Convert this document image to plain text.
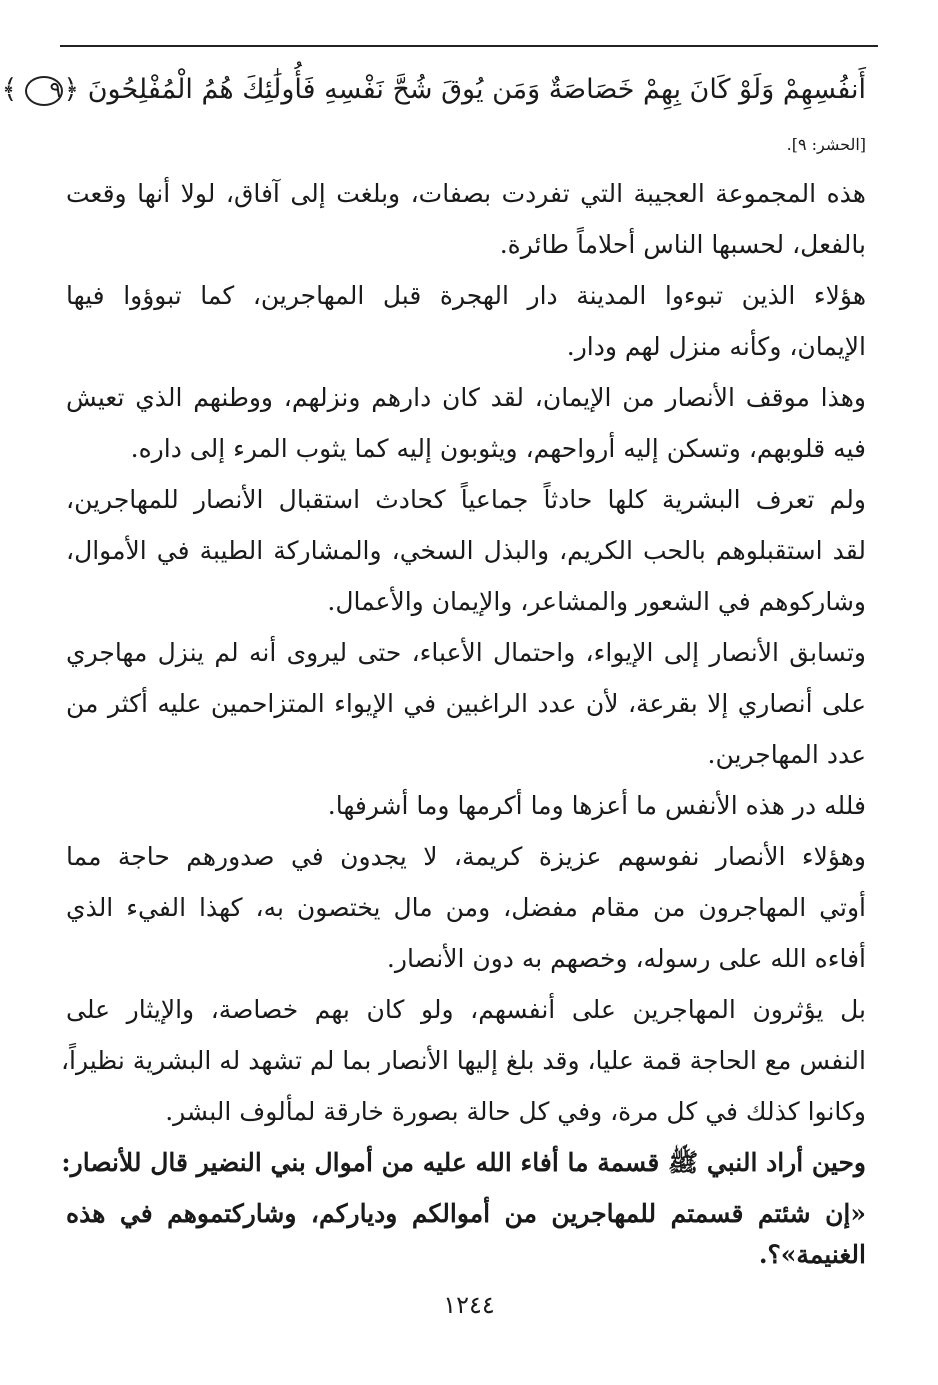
أَنفُسِهِمْ وَلَوْ كَانَ بِهِمْ خَصَاصَةٌ وَمَن يُوقَ شُحَّ نَفْسِهِ فَأُولَٰئِكَ هُمُ الْمُفْلِحُونَ ﴿٩﴾
[الحشر: ٩].
هذه المجموعة العجيبة التي تفردت بصفات، وبلغت إلى آفاق، لولا أنها وقعت
بالفعل، لحسبها الناس أحلاماً طائرة.
هؤلاء الذين تبوءوا المدينة دار الهجرة قبل المهاجرين، كما تبوؤوا فيها
الإيمان، وكأنه منزل لهم ودار.
وهذا موقف الأنصار من الإيمان، لقد كان دارهم ونزلهم، ووطنهم الذي تعيش
فيه قلوبهم، وتسكن إليه أرواحهم، ويثوبون إليه كما يثوب المرء إلى داره.
ولم تعرف البشرية كلها حادثاً جماعياً كحادث استقبال الأنصار للمهاجرين،
لقد استقبلوهم بالحب الكريم، والبذل السخي، والمشاركة الطيبة في الأموال،
وشاركوهم في الشعور والمشاعر، والإيمان والأعمال.
وتسابق الأنصار إلى الإيواء، واحتمال الأعباء، حتى ليروى أنه لم ينزل مهاجري
على أنصاري إلا بقرعة، لأن عدد الراغبين في الإيواء المتزاحمين عليه أكثر من
عدد المهاجرين.
فلله در هذه الأنفس ما أعزها وما أكرمها وما أشرفها.
وهؤلاء الأنصار نفوسهم عزيزة كريمة، لا يجدون في صدورهم حاجة مما
أوتي المهاجرون من مقام مفضل، ومن مال يختصون به، كهذا الفيء الذي
أفاءه الله على رسوله، وخصهم به دون الأنصار.
بل يؤثرون المهاجرين على أنفسهم، ولو كان بهم خصاصة، والإيثار على
النفس مع الحاجة قمة عليا، وقد بلغ إليها الأنصار بما لم تشهد له البشرية نظيراً،
وكانوا كذلك في كل مرة، وفي كل حالة بصورة خارقة لمألوف البشر.
وحين أراد النبي ﷺ قسمة ما أفاء الله عليه من أموال بني النضير قال للأنصار:
«إن شئتم قسمتم للمهاجرين من أموالكم ودياركم، وشاركتموهم في هذه
الغنيمة»؟.
١٢٤٤
